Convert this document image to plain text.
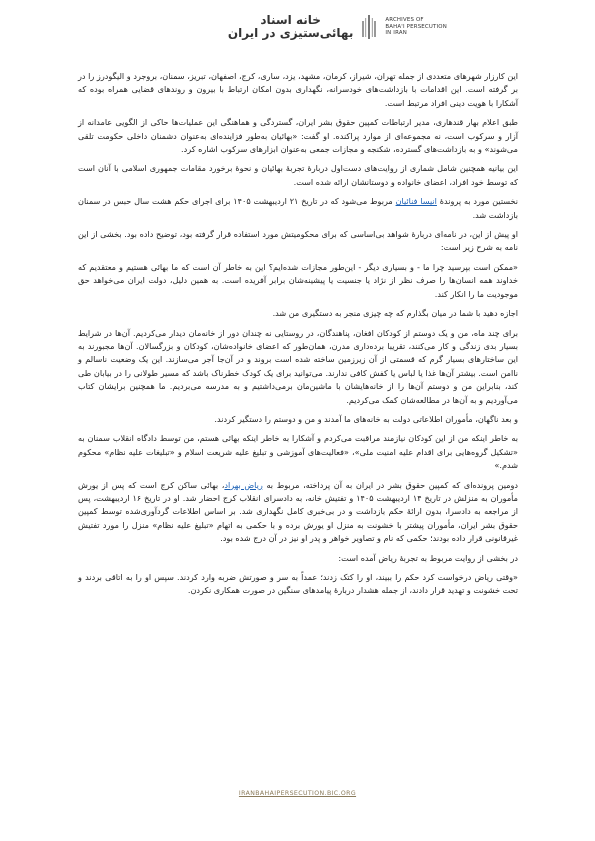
خانه اسناد
بهائی‌ستیزی در ایران
ARCHIVES OF
BAHA'I PERSECUTION
IN IRAN

این کارزار شهرهای متعددی از جمله تهران، شیراز، کرمان، مشهد، یزد، ساری، کرج، اصفهان، تبریز، سمنان، بروجرد و الیگودرز را در بر گرفته است. این اقدامات با بازداشت‌های خودسرانه، نگهداری بدون امکان ارتباط با بیرون و روندهای قضایی همراه بوده که آشکارا با هویت دینی افراد مرتبط است.

طبق اعلام بهار قندهاری، مدیر ارتباطات کمپین حقوق بشر ایران، گستردگی و هماهنگی این عملیات‌ها حاکی از الگویی عامدانه از آزار و سرکوب است، نه مجموعه‌ای از موارد پراکنده. او گفت: «بهائیان به‌طور فزاینده‌ای به‌عنوان دشمنان داخلی حکومت تلقی می‌شوند» و به بازداشت‌های گسترده، شکنجه و مجازات جمعی به‌عنوان ابزارهای سرکوب اشاره کرد.

این بیانیه همچنین شامل شماری از روایت‌های دست‌اول دربارهٔ تجربهٔ بهائیان و نحوهٔ برخورد مقامات جمهوری اسلامی با آنان است که توسط خود افراد، اعضای خانواده و دوستانشان ارائه شده است.

نخستین مورد به پروندهٔ انیسا فنائیان مربوط می‌شود که در تاریخ ۲۱ اردیبهشت ۱۴۰۵ برای اجرای حکم هشت سال حبس در سمنان بازداشت شد.

او پیش از این، در نامه‌ای دربارهٔ شواهد بی‌اساسی که برای محکومیتش مورد استفاده قرار گرفته بود، توضیح داده بود. بخشی از این نامه به شرح زیر است:

«ممکن است بپرسید چرا ما - و بسیاری دیگر - این‌طور مجازات شده‌ایم؟ این به خاطر آن است که ما بهائی هستیم و معتقدیم که خداوند همه انسان‌ها را صرف نظر از نژاد یا جنسیت یا پیشینه‌شان برابر آفریده است. به همین دلیل، دولت ایران می‌خواهد حق موجودیت ما را انکار کند.

اجازه دهید با شما در میان بگذارم که چه چیزی منجر به دستگیری من شد.

برای چند ماه، من و یک دوستم از کودکان افغان، پناهندگان، در روستایی نه چندان دور از خانه‌مان دیدار می‌کردیم. آن‌ها در شرایط بسیار بدی زندگی و کار می‌کنند، تقریبا برده‌داری مدرن، همان‌طور که اعضای خانواده‌شان، کودکان و بزرگسالان. آن‌ها مجبورند به این ساختارهای بسیار گرم که قسمتی از آن زیرزمین ساخته شده است بروند و در آن‌جا آجر می‌سازند. این یک وضعیت ناسالم و ناامن است. بیشتر آن‌ها غذا یا لباس یا کفش کافی ندارند. می‌توانید برای یک کودک خطرناک باشد که مسیر طولانی را در بیابان طی کند، بنابراین من و دوستم آن‌ها را از خانه‌هایشان با ماشین‌مان برمی‌داشتیم و به مدرسه می‌بردیم. ما همچنین برایشان کتاب می‌آوردیم و به آن‌ها در مطالعه‌شان کمک می‌کردیم.

و بعد ناگهان، مأموران اطلاعاتی دولت به خانه‌های ما آمدند و من و دوستم را دستگیر کردند.

به خاطر اینکه من از این کودکان نیازمند مراقبت می‌کردم و آشکارا به خاطر اینکه بهائی هستم، من توسط دادگاه انقلاب سمنان به «تشکیل گروه‌هایی برای اقدام علیه امنیت ملی»، «فعالیت‌های آموزشی و تبلیغ علیه شریعت اسلام و «تبلیغات علیه نظام» محکوم شدم.»

دومین پرونده‌ای که کمپین حقوق بشر در ایران به آن پرداخته، مربوط به ریاض بهراد، بهائی ساکن کرج است که پس از یورش مأموران به منزلش در تاریخ ۱۴ اردیبهشت ۱۴۰۵ و تفتیش خانه، به دادسرای انقلاب کرج احضار شد. او در تاریخ ۱۶ اردیبهشت، پس از مراجعه به دادسرا، بدون ارائهٔ حکم بازداشت و در بی‌خبری کامل نگهداری شد. بر اساس اطلاعات گردآوری‌شده توسط کمپین حقوق بشر ایران، مأموران پیشتر با خشونت به منزل او یورش برده و با حکمی به اتهام «تبلیغ علیه نظام» منزل را مورد تفتیش غیرقانونی قرار داده بودند؛ حکمی که نام و تصاویر خواهر و پدر او نیز در آن درج شده بود.

در بخشی از روایت مربوط به تجربهٔ ریاض آمده است:

«وقتی ریاض درخواست کرد حکم را ببیند، او را کتک زدند؛ عمداً به سر و صورتش ضربه وارد کردند. سپس او را به اتاقی بردند و تحت خشونت و تهدید قرار دادند، از جمله هشدار دربارهٔ پیامدهای سنگین در صورت همکاری نکردن.

IRANBAHAIPERSECUTION.BIC.ORG
